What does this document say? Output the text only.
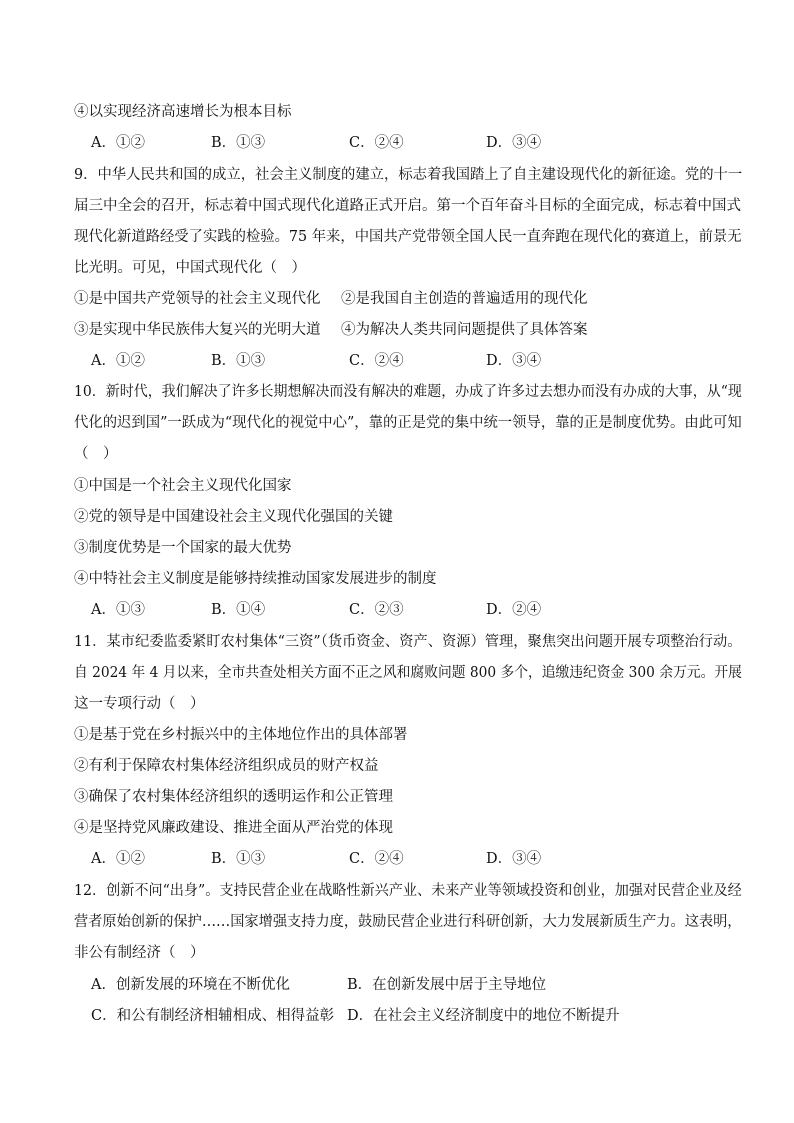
④以实现经济高速增长为根本目标
A．①②	B．①③	C．②④	D．③④
9．中华人民共和国的成立，社会主义制度的建立，标志着我国踏上了自主建设现代化的新征途。党的十一
届三中全会的召开，标志着中国式现代化道路正式开启。第一个百年奋斗目标的全面完成，标志着中国式
现代化新道路经受了实践的检验。75 年来，中国共产党带领全国人民一直奔跑在现代化的赛道上，前景无
比光明。可见，中国式现代化（　）
①是中国共产党领导的社会主义现代化 ②是我国自主创造的普遍适用的现代化
③是实现中华民族伟大复兴的光明大道 ④为解决人类共同问题提供了具体答案
A．①②	B．①③	C．②④	D．③④
10．新时代，我们解决了许多长期想解决而没有解决的难题，办成了许多过去想办而没有办成的大事，从“现
代化的迟到国”一跃成为“现代化的视觉中心”，靠的正是党的集中统一领导，靠的正是制度优势。由此可知
（　）
①中国是一个社会主义现代化国家
②党的领导是中国建设社会主义现代化强国的关键
③制度优势是一个国家的最大优势
④中特社会主义制度是能够持续推动国家发展进步的制度
A．①③	B．①④	C．②③	D．②④
11．某市纪委监委紧盯农村集体“三资”（货币资金、资产、资源）管理，聚焦突出问题开展专项整治行动。
自 2024 年 4 月以来，全市共查处相关方面不正之风和腐败问题 800 多个，追缴违纪资金 300 余万元。开展
这一专项行动（　）
①是基于党在乡村振兴中的主体地位作出的具体部署
②有利于保障农村集体经济组织成员的财产权益
③确保了农村集体经济组织的透明运作和公正管理
④是坚持党风廉政建设、推进全面从严治党的体现
A．①②	B．①③	C．②④	D．③④
12．创新不问“出身”。支持民营企业在战略性新兴产业、未来产业等领域投资和创业，加强对民营企业及经
营者原始创新的保护……国家增强支持力度，鼓励民营企业进行科研创新，大力发展新质生产力。这表明，
非公有制经济（　）
A．创新发展的环境在不断优化	B．在创新发展中居于主导地位
C．和公有制经济相辅相成、相得益彰 D．在社会主义经济制度中的地位不断提升
